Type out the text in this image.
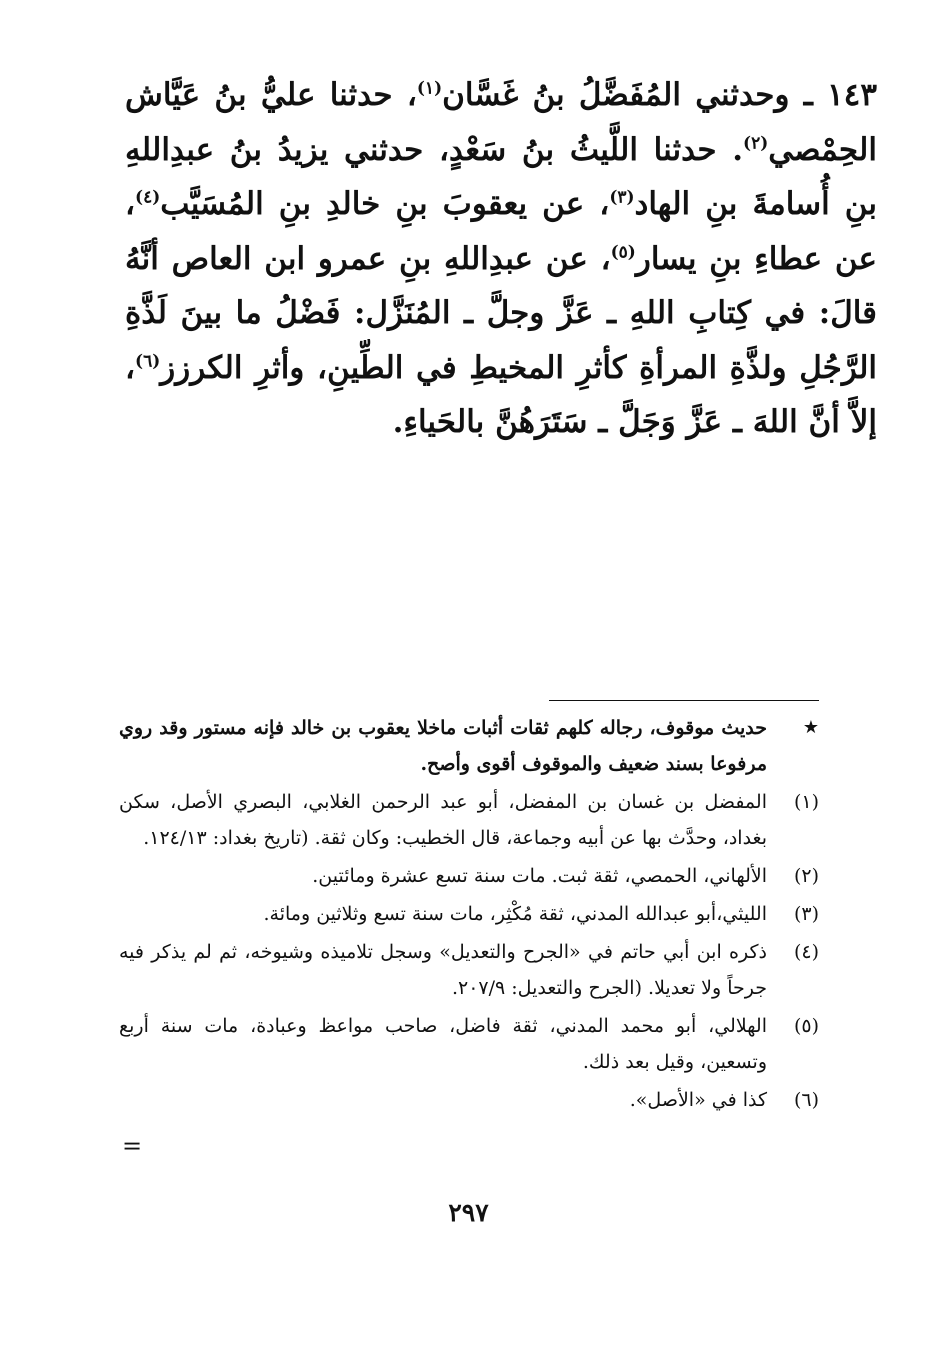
١٤٣ ـ وحدثني المُفَضَّلُ بنُ غَسَّان$^{(١)}$، حدثنا عليُّ بنُ عَيَّاش الحِمْصي$^{(٢)}$. حدثنا اللَّيثُ بنُ سَعْدٍ، حدثني يزيدُ بنُ عبدِاللهِ بنِ أُسامةَ بنِ الهاد$^{(٣)}$، عن يعقوبَ بنِ خالدِ بنِ المُسَيَّب$^{(٤)}$، عن عطاءِ بنِ يسار$^{(٥)}$، عن عبدِاللهِ بنِ عمرو ابن العاص أنَّهُ قالَ: في كِتابِ اللهِ ـ عَزَّ وجلَّ ـ المُنَزَّل: فَضْلُ ما بينَ لَذَّةِ الرَّجُلِ ولذَّةِ المرأةِ كأثرِ المخيطِ في الطِّينِ، وأثرِ الكرزز$^{(٦)}$، إلاَّ أنَّ اللهَ ـ عَزَّ وَجَلَّ ـ سَتَرَهُنَّ بالحَياءِ.

★
حديث موقوف، رجاله كلهم ثقات أثبات ماخلا يعقوب بن خالد فإنه مستور وقد روي مرفوعا بسند ضعيف والموقوف أقوى وأصح.

(١)
المفضل بن غسان بن المفضل، أبو عبد الرحمن الغلابي، البصري الأصل، سكن بغداد، وحدَّث بها عن أبيه وجماعة، قال الخطيب: وكان ثقة. (تاريخ بغداد: ١٢٤/١٣.

(٢)
الألهاني، الحمصي، ثقة ثبت. مات سنة تسع عشرة ومائتين.

(٣)
الليثي،أبو عبدالله المدني، ثقة مُكْثِر، مات سنة تسع وثلاثين ومائة.

(٤)
ذكره ابن أبي حاتم في «الجرح والتعديل» وسجل تلاميذه وشيوخه، ثم لم يذكر فيه جرحاً ولا تعديلا. (الجرح والتعديل: ٢٠٧/٩.

(٥)
الهلالي، أبو محمد المدني، ثقة فاضل، صاحب مواعظ وعبادة، مات سنة أربع وتسعين، وقيل بعد ذلك.

(٦)
كذا في «الأصل».

=
٢٩٧
